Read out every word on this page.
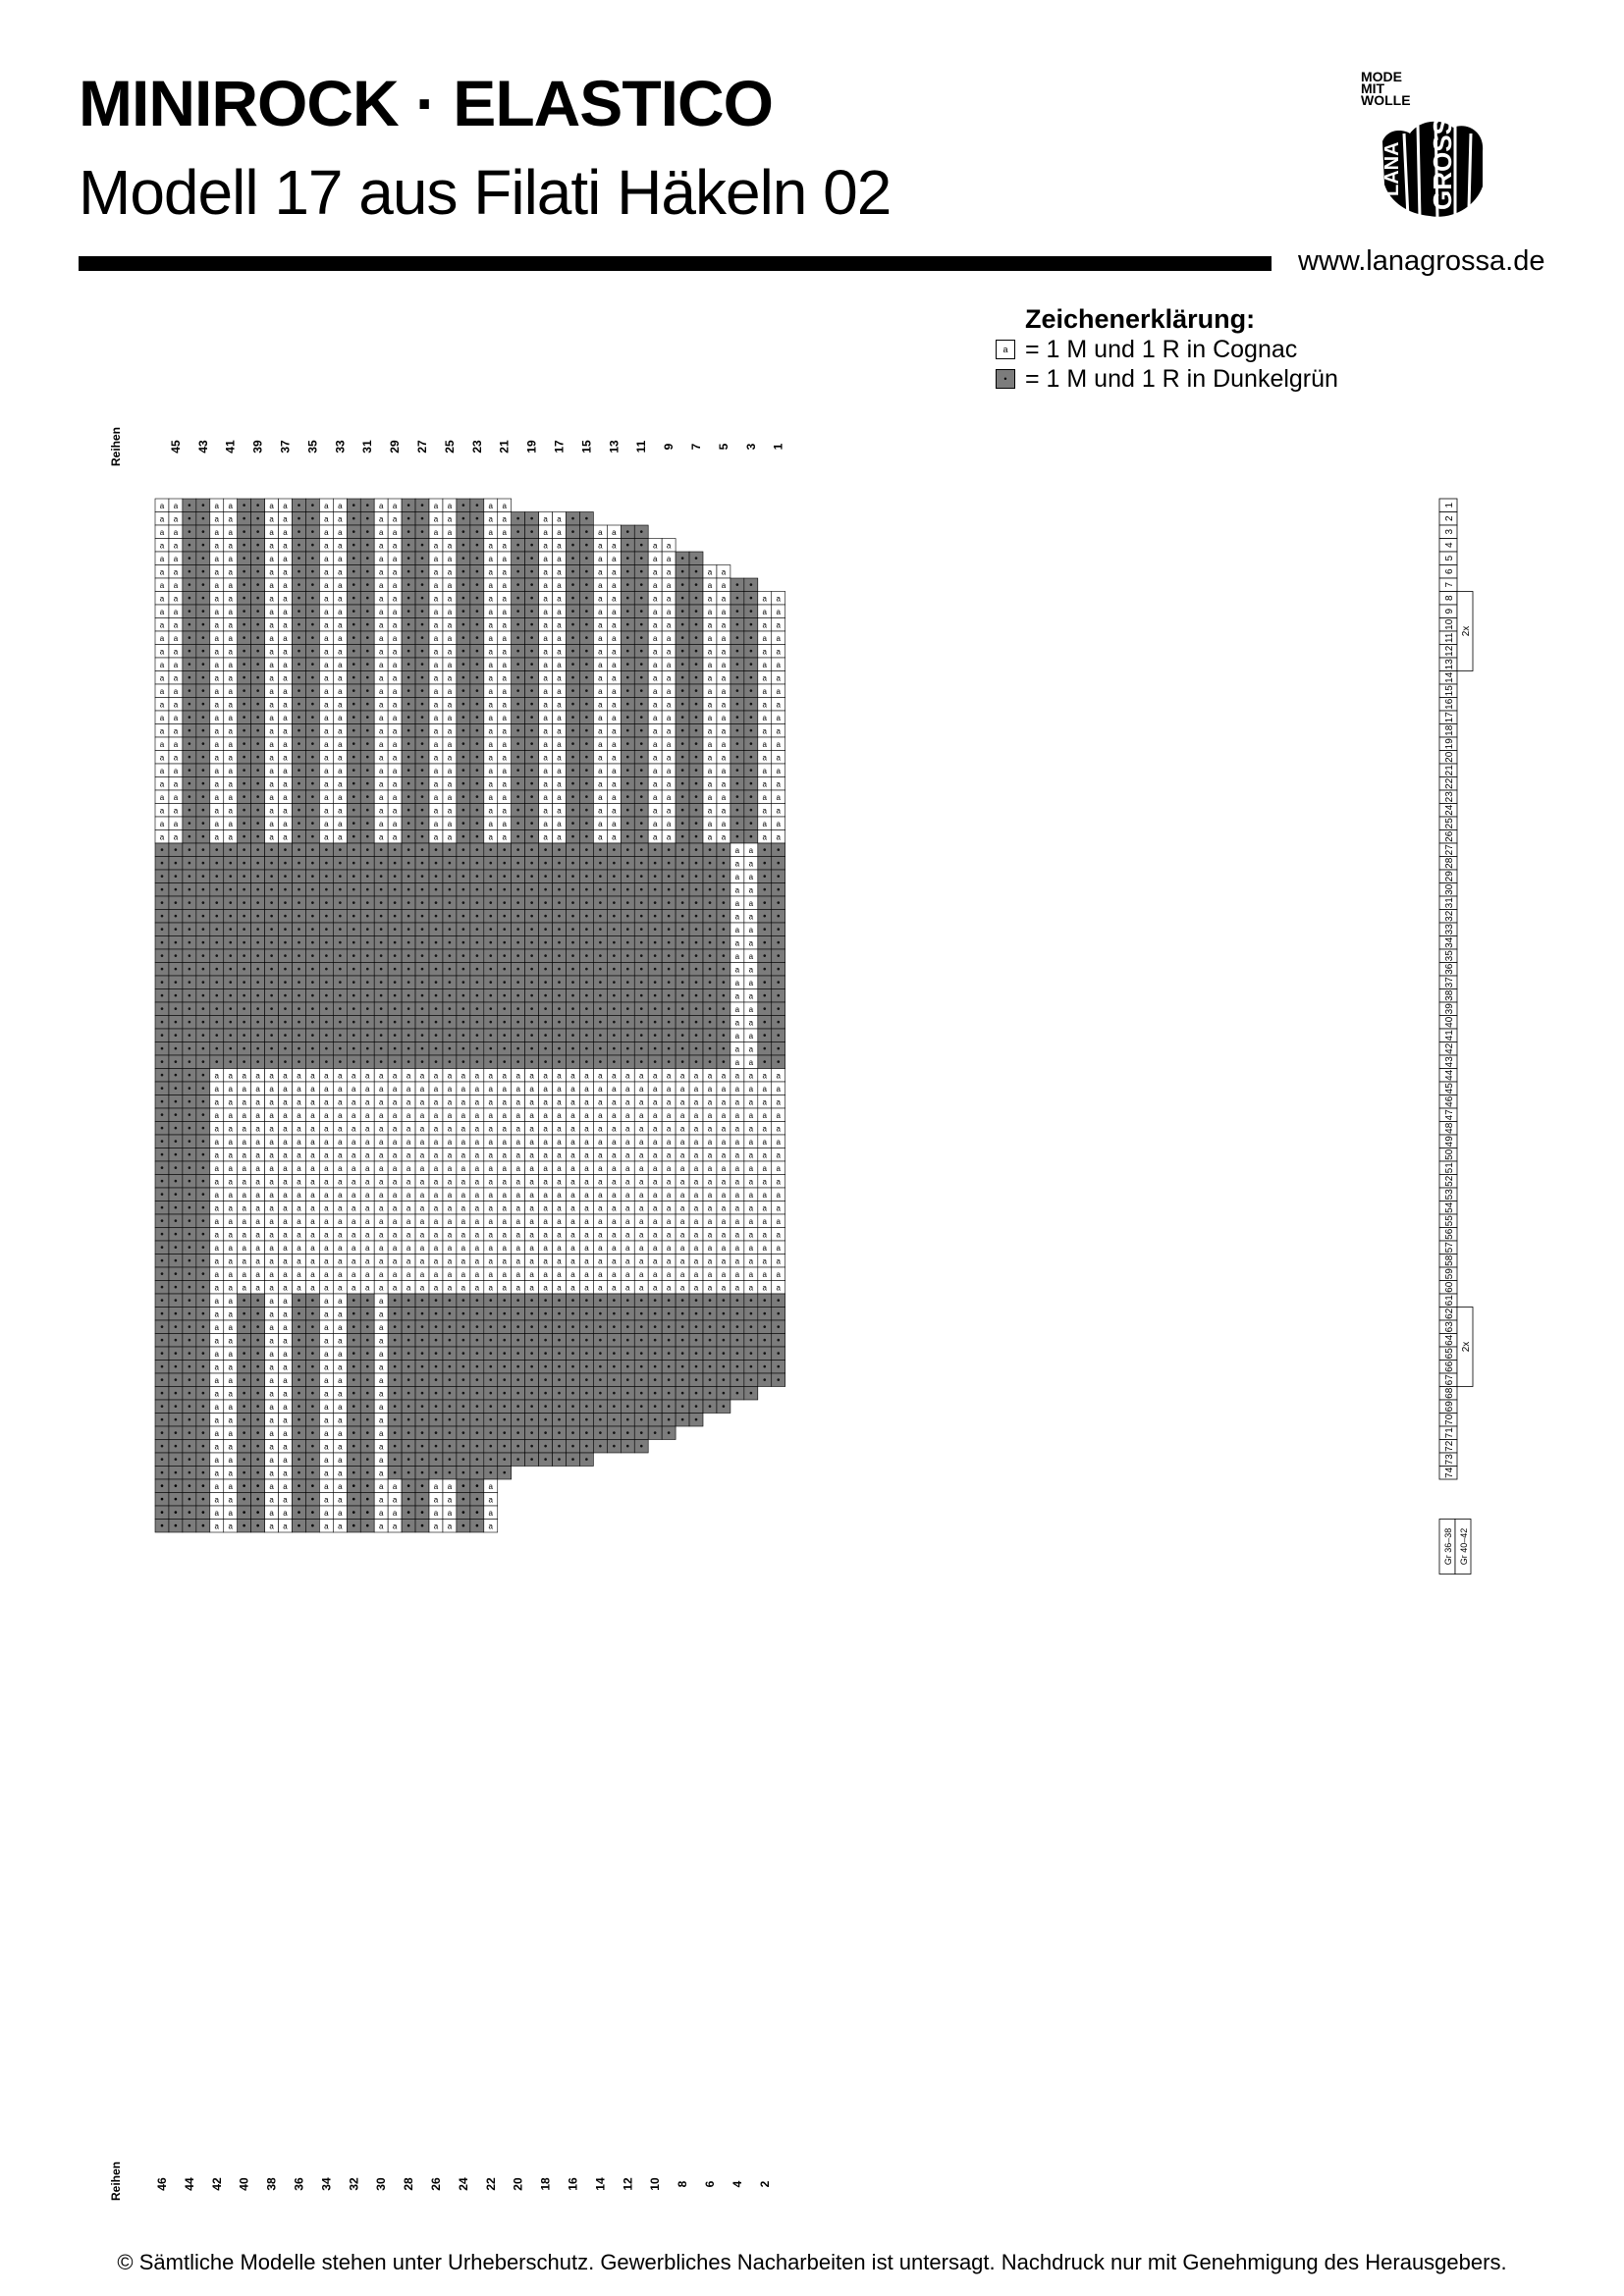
MINIROCK · ELASTICO
Modell 17 aus Filati Häkeln 02
www.lanagrossa.de
MODE
MIT
WOLLE
LANA GROSSA
Zeichenerklärung:
a = 1 M und 1 R in Cognac
• = 1 M und 1 R in Dunkelgrün
a
a
a
a
a
a
a
a
a
a
a
a
a
a
a
a
a
a
a
a
a
a
a
a
a
a
•
•
•
•
•
•
•
•
•
•
•
•
•
•
•
•
•
•
•
•
•
•
•
•
•
•
•
•
•
•
•
•
•
•
•
•
•
•
•
•
•
•
•
•
•
•
•
•
•
•
•
•
a
a
a
a
a
a
a
a
a
a
a
a
a
a
a
a
a
a
a
a
a
a
a
a
a
a
•
•
•
•
•
•
•
•
•
•
•
•
•
•
•
•
•
•
•
•
•
•
•
•
•
•
•
•
•
•
•
•
•
•
•
•
•
•
•
•
•
•
•
•
•
•
•
•
•
•
•
•
•
•
•
•
•
•
•
•
•
•
•
•
•
•
•
•
•
•
•
•
•
•
•
•
•
•
•
•
•
•
•
•
•
•
•
•
•
•
•
•
•
•
•
•
•
•
•
•
•
•
•
•
•
•
•
•
•
•
•
•
•
•
•
•
•
•
•
•
•
•
•
•
•
•
•
•
•
•
•
•
•
•
•
•
•
•
•
•
•
•
•
•
•
•
•
•
•
•
•
•
•
•
•
•
•
•
•
•
•
•
•
•
•
•
•
•
•
•
•
•
•
•
•
•
•
•
•
•
•
•
•
•
•
•
•
•
•
•
•
•
•
•
•
•
•
•
•
•
•
•
•
•
•
•
•
•
a
a
a
a
a
a
a
a
a
a
a
a
a
a
a
a
a
a
a
a
a
a
a
a
a
a
•
•
•
•
•
•
•
•
•
•
•
•
•
•
•
•
•
a
a
a
a
a
a
a
a
a
a
a
a
a
a
a
a
a
a
a
a
a
a
a
a
a
a
a
a
a
a
a
a
a
a
a
a
a
a
a
a
a
a
a
a
a
a
a
a
a
a
a
a
a
a
a
a
a
a
a
a
a
•
•
•
•
•
•
•
•
•
•
•
•
•
•
•
•
•
a
a
a
a
a
a
a
a
a
a
a
a
a
a
a
a
a
a
a
a
a
a
a
a
a
a
a
a
a
a
a
a
a
a
a
•
•
•
•
•
•
•
•
•
•
•
•
•
•
•
•
•
•
•
•
•
•
•
•
•
•
•
•
•
•
•
•
•
•
•
•
•
•
•
•
•
•
•
a
a
a
a
a
a
a
a
a
a
a
a
a
a
a
a
a
•
•
•
•
•
•
•
•
•
•
•
•
•
•
•
•
•
•
•
•
•
•
•
•
•
•
•
•
•
•
•
•
•
•
•
•
•
•
•
•
•
•
•
•
•
•
•
•
•
•
•
•
•
•
•
•
•
•
•
•
•
a
a
a
a
a
a
a
a
a
a
a
a
a
a
a
a
a
•
•
•
•
•
•
•
•
•
•
•
•
•
•
•
•
•
•
a
a
a
a
a
a
a
a
a
a
a
a
a
a
a
a
a
a
a
a
a
a
a
a
a
a
•
•
•
•
•
•
•
•
•
•
•
•
•
•
•
•
•
a
a
a
a
a
a
a
a
a
a
a
a
a
a
a
a
a
a
a
a
a
a
a
a
a
a
a
a
a
a
a
a
a
a
a
a
a
a
a
a
a
a
a
a
a
a
a
a
a
a
a
a
a
a
a
a
a
a
a
a
a
•
•
•
•
•
•
•
•
•
•
•
•
•
•
•
•
•
a
a
a
a
a
a
a
a
a
a
a
a
a
a
a
a
a
a
a
a
a
a
a
a
a
a
a
a
a
a
a
a
a
a
a
•
•
•
•
•
•
•
•
•
•
•
•
•
•
•
•
•
•
•
•
•
•
•
•
•
•
•
•
•
•
•
•
•
•
•
•
•
•
•
•
•
•
•
a
a
a
a
a
a
a
a
a
a
a
a
a
a
a
a
a
•
•
•
•
•
•
•
•
•
•
•
•
•
•
•
•
•
•
•
•
•
•
•
•
•
•
•
•
•
•
•
•
•
•
•
•
•
•
•
•
•
•
•
•
•
•
•
•
•
•
•
•
•
•
•
•
•
•
•
•
•
a
a
a
a
a
a
a
a
a
a
a
a
a
a
a
a
a
•
•
•
•
•
•
•
•
•
•
•
•
•
•
•
•
•
•
a
a
a
a
a
a
a
a
a
a
a
a
a
a
a
a
a
a
a
a
a
a
a
a
a
a
•
•
•
•
•
•
•
•
•
•
•
•
•
•
•
•
•
a
a
a
a
a
a
a
a
a
a
a
a
a
a
a
a
a
a
a
a
a
a
a
a
a
a
a
a
a
a
a
a
a
a
a
a
a
a
a
a
a
a
a
a
a
a
a
a
a
a
a
a
a
a
a
a
a
a
a
a
a
•
•
•
•
•
•
•
•
•
•
•
•
•
•
•
•
•
a
a
a
a
a
a
a
a
a
a
a
a
a
a
a
a
a
a
a
a
a
a
a
a
a
a
a
a
a
a
a
a
a
a
a
•
•
•
•
•
•
•
•
•
•
•
•
•
•
•
•
•
•
•
•
•
•
•
•
•
•
•
•
•
•
•
•
•
•
•
•
•
•
•
•
•
•
•
a
a
a
a
a
a
a
a
a
a
a
a
a
a
a
a
a
•
•
•
•
•
•
•
•
•
•
•
•
•
•
•
•
•
•
•
•
•
•
•
•
•
•
•
•
•
•
•
•
•
•
•
•
•
•
•
•
•
•
•
•
•
•
•
•
•
•
•
•
•
•
•
•
•
•
•
•
•
a
a
a
a
a
a
a
a
a
a
a
a
a
a
a
a
a
•
•
•
•
•
•
•
•
•
•
•
•
•
•
•
•
•
•
a
a
a
a
a
a
a
a
a
a
a
a
a
a
a
a
a
a
a
a
a
a
a
a
a
a
•
•
•
•
•
•
•
•
•
•
•
•
•
•
•
•
•
a
a
a
a
a
a
a
a
a
a
a
a
a
a
a
a
a
a
a
a
a
a
a
a
a
a
a
a
a
a
a
a
a
a
a
a
a
a
a
a
a
a
a
a
a
a
a
a
a
a
a
a
a
a
a
a
a
a
a
a
a
•
•
•
•
•
•
•
•
•
•
•
•
•
•
•
•
•
a
a
a
a
a
a
a
a
a
a
a
a
a
a
a
a
a
•
•
•
•
•
•
•
•
•
•
•
•
•
•
a
a
a
a
•
•
•
•
•
•
•
•
•
•
•
•
•
•
•
•
•
•
•
•
•
•
•
•
•
•
•
•
•
•
•
•
•
•
•
•
•
•
•
•
•
•
•
a
a
a
a
a
a
a
a
a
a
a
a
a
a
a
a
a
•
•
•
•
•
•
•
•
•
•
•
•
•
•
•
•
•
•
•
•
•
•
•
•
•
•
•
•
•
•
•
•
•
•
•
•
•
•
•
•
•
•
•
•
•
•
•
•
•
•
•
•
•
•
•
•
•
•
•
•
•
a
a
a
a
a
a
a
a
a
a
a
a
a
a
a
a
a
•
•
•
•
•
•
•
•
•
•
•
•
•
•
•
•
•
•
a
a
a
a
a
a
a
a
a
a
a
a
a
a
a
a
a
a
a
a
a
a
a
a
a
a
•
•
•
•
•
•
•
•
•
•
•
•
•
•
•
•
•
a
a
a
a
a
a
a
a
a
a
a
a
a
a
a
a
a
•
•
•
•
•
•
•
•
•
•
•
•
•
•
a
a
a
a
a
a
a
a
a
a
a
a
a
a
a
a
a
a
a
a
a
a
a
a
a
a
a
a
a
a
•
•
•
•
•
•
•
•
•
•
•
•
•
•
•
•
•
a
a
a
a
a
a
a
a
a
a
a
a
a
a
a
a
a
•
•
•
•
•
•
•
•
•
•
•
•
•
•
a
a
a
a
•
•
•
•
•
•
•
•
•
•
•
•
•
•
•
•
•
•
•
•
•
•
•
•
•
•
•
•
•
•
•
•
•
•
•
•
•
•
•
•
•
•
•
a
a
a
a
a
a
a
a
a
a
a
a
a
a
a
a
a
•
•
•
•
•
•
•
•
•
•
•
•
•
•
•
•
•
•
•
•
•
•
•
•
•
•
•
•
•
•
•
•
•
•
•
•
•
•
•
•
•
•
•
•
•
•
•
•
•
•
•
•
•
•
•
•
•
•
•
•
•
a
a
a
a
a
a
a
a
a
a
a
a
a
a
a
a
a
•
•
•
•
•
•
•
•
•
•
•
•
•
•
•
•
•
•
a
a
a
a
a
a
a
a
a
a
a
a
a
a
a
a
a
a
a
a
a
a
a
a
a
a
•
•
•
•
•
•
•
•
•
•
•
•
•
•
•
•
•
a
a
a
a
a
a
a
a
a
a
a
a
a
a
a
a
a
•
•
•
•
•
•
•
•
•
•
•
•
•
•
a
a
a
a
a
a
a
a
a
a
a
a
a
a
a
a
a
a
a
a
a
a
a
a
a
a
a
a
a
a
•
•
•
•
•
•
•
•
•
•
•
•
•
•
•
•
•
a
a
a
a
a
a
a
a
a
a
a
a
a
a
a
a
a
•
•
•
•
•
•
•
•
•
•
•
•
•
•
•
•
•
•
•
•
•
•
•
•
•
•
•
•
•
•
•
•
•
•
•
•
•
•
•
•
•
•
•
•
•
•
•
•
•
•
•
•
•
•
•
•
a
a
a
a
a
a
a
a
a
a
a
a
a
a
a
a
a
•
•
•
•
•
•
•
•
•
•
•
•
•
•
•
•
•
•
•
•
•
•
•
•
•
•
•
•
•
•
•
•
•
•
•
•
•
•
•
•
•
•
•
•
•
•
•
•
•
•
•
•
•
•
•
a
a
a
a
a
a
a
a
a
a
a
a
a
a
a
a
a
•
•
•
•
•
•
•
•
•
•
•
•
•
a
a
a
a
a
a
a
a
a
a
a
a
a
a
a
a
a
a
a
a
a
a
a
a
a
•
•
•
•
•
•
•
•
•
•
•
•
•
•
•
•
•
a
a
a
a
a
a
a
a
a
a
a
a
a
a
a
a
a
•
•
•
•
•
•
•
•
•
•
•
•
•
a
a
a
a
a
a
a
a
a
a
a
a
a
a
a
a
a
a
a
a
a
a
a
a
a
•
•
•
•
•
•
•
•
•
•
•
•
•
•
•
•
•
a
a
a
a
a
a
a
a
a
a
a
a
a
a
a
a
a
•
•
•
•
•
•
•
•
•
•
•
•
•
•
•
•
•
•
•
•
•
•
•
•
•
•
•
•
•
•
•
•
•
•
•
•
•
•
•
•
•
•
•
•
•
•
•
•
•
•
•
•
•
•
•
a
a
a
a
a
a
a
a
a
a
a
a
a
a
a
a
a
•
•
•
•
•
•
•
•
•
•
•
•
•
•
•
•
•
•
•
•
•
•
•
•
•
•
•
•
•
•
•
•
•
•
•
•
•
•
•
•
•
•
•
•
•
•
•
•
•
•
•
•
•
•
•
a
a
a
a
a
a
a
a
a
a
a
a
a
a
a
a
a
•
•
•
•
•
•
•
•
•
•
•
•
•
a
a
a
a
a
a
a
a
a
a
a
a
a
a
a
a
a
a
a
a
a
a
a
a
•
•
•
•
•
•
•
•
•
•
•
•
•
•
•
•
•
a
a
a
a
a
a
a
a
a
a
a
a
a
a
a
a
a
•
•
•
•
•
•
•
•
•
•
•
•
a
a
a
a
a
a
a
a
a
a
a
a
a
a
a
a
a
a
a
a
a
a
a
a
•
•
•
•
•
•
•
•
•
•
•
•
•
•
•
•
•
a
a
a
a
a
a
a
a
a
a
a
a
a
a
a
a
a
•
•
•
•
•
•
•
•
•
•
•
•
•
•
•
•
•
•
•
•
•
•
•
•
•
•
•
•
•
•
•
•
•
•
•
•
•
•
•
•
•
•
•
•
•
•
•
•
•
•
•
•
•
a
a
a
a
a
a
a
a
a
a
a
a
a
a
a
a
a
•
•
•
•
•
•
•
•
•
•
•
•
•
•
•
•
•
•
•
•
•
•
•
•
•
•
•
•
•
•
•
•
•
•
•
•
•
•
•
•
•
•
•
•
•
•
•
•
•
•
•
•
•
a
a
a
a
a
a
a
a
a
a
a
a
a
a
a
a
a
•
•
•
•
•
•
•
•
•
•
•
•
a
a
a
a
a
a
a
a
a
a
a
a
a
a
a
a
a
a
a
a
a
a
a
•
•
•
•
•
•
•
•
•
•
•
•
•
•
•
•
•
a
a
a
a
a
a
a
a
a
a
a
a
a
a
a
a
a
•
•
•
•
•
•
•
•
•
•
•
a
a
a
a
a
a
a
a
a
a
a
a
a
a
a
a
a
a
a
a
a
a
a
•
•
•
•
•
•
•
•
•
•
•
•
•
•
•
•
•
a
a
a
a
a
a
a
a
a
a
a
a
a
a
a
a
a
•
•
•
•
•
•
•
•
•
•
•
•
•
•
•
•
•
•
•
•
•
•
•
•
•
•
•
•
•
•
•
•
•
•
•
•
•
•
•
•
•
•
•
•
•
•
•
•
•
•
a
a
a
a
a
a
a
a
a
a
a
a
a
a
a
a
a
•
•
•
•
•
•
•
•
•
•
•
•
•
•
•
•
•
•
•
•
•
•
•
•
•
•
•
•
•
•
•
•
•
•
•
•
•
•
•
•
•
•
•
•
•
•
•
•
•
a
a
a
a
a
a
a
a
a
a
a
a
a
a
a
a
a
•
•
•
•
•
•
•
•
•
•
a
a
a
a
a
a
a
a
a
a
a
a
a
a
a
a
a
a
a
a
a
•
•
•
•
•
•
•
•
•
•
•
•
•
•
•
•
•
a
a
a
a
a
a
a
a
a
a
a
a
a
a
a
a
a
•
•
•
•
•
•
•
•
•
a
a
a
a
a
a
a
a
a
a
a
a
a
a
a
a
a
a
a
a
a
•
•
•
•
•
•
•
•
•
•
•
•
•
•
•
•
•
a
a
a
a
a
a
a
a
a
a
a
a
a
a
a
a
a
•
•
•
•
•
•
•
•
•
•
•
•
•
•
•
•
•
•
•
•
•
•
•
•
•
•
•
•
•
a
a
a
a
a
a
a
a
a
a
a
a
a
a
a
a
a
a
a
a
a
a
a
a
a
a
a
a
a
a
a
a
a
a
•
•
•
•
•
•
•
•
•
•
•
•
•
•
•
•
•
•
•
•
•
•
•
•
•
•
•
•
a
a
a
a
a
a
a
a
a
a
a
a
a
a
a
a
a
a
a
a
a
a
a
a
a
a
a
a
a
a
a
a
a
a
•
•
•
•
•
•
•
•
a
a
a
a
a
a
a
a
a
a
a
a
a
a
a
a
a
a
a
•
•
•
•
•
•
•
•
•
•
•
•
•
•
•
•
•
a
a
a
a
a
a
a
a
a
a
a
a
a
a
a
a
a
•
•
•
•
•
•
•
a
a
a
a
a
a
a
a
a
a
a
a
a
a
a
a
a
a
a
•
•
•
•
•
•
•
•
•
•
•
•
•
•
•
•
•
a
a
a
a
a
a
a
a
a
a
a
a
a
a
a
a
a
•
•
•
•
•
•
•
45 43 41 39 37 35 33 31 29 27 25 23 21 19 17 15 13 11 9 7 5 3 1
46 44 42 40 38 36 34 32 30 28 26 24 22 20 18 16 14 12 10 8 6 4 2
Reihen
Reihen
1
2
3
4
5
6
7
8
9
10
11
12
13
14
15
16
17
18
19
20
21
22
23
24
25
26
27
28
29
30
31
32
33
34
35
36
37
38
39
40
41
42
43
44
45
46
47
48
49
50
51
52
53
54
55
56
57
58
59
60
61
62
63
64
65
66
67
68
69
70
71
72
73
74
2x
2x
Gr 36–38 Gr 40–42
© Sämtliche Modelle stehen unter Urheberschutz. Gewerbliches Nacharbeiten ist untersagt. Nachdruck nur mit Genehmigung des Herausgebers.
